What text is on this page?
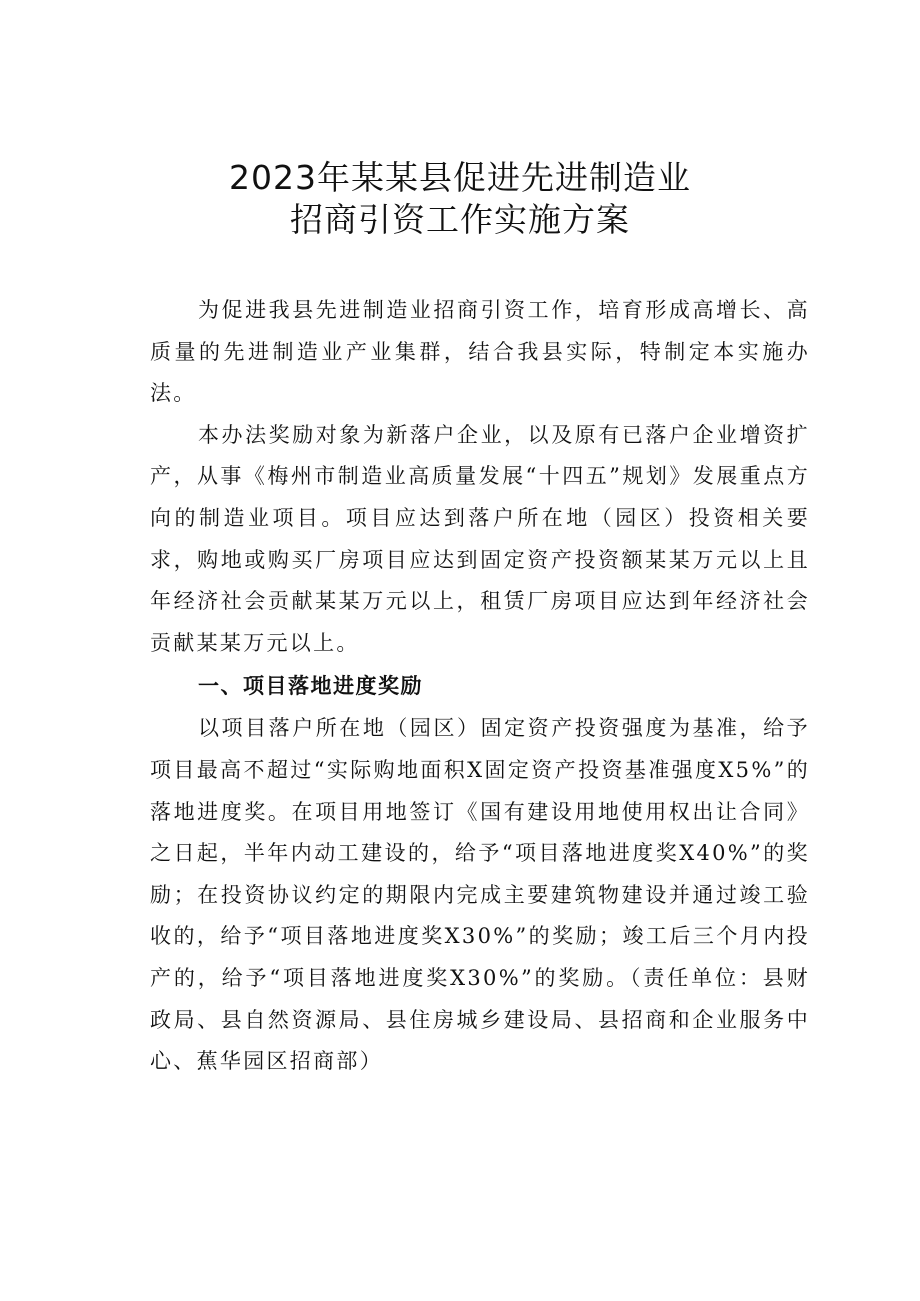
2023年某某县促进先进制造业
招商引资工作实施方案

为促进我县先进制造业招商引资工作，培育形成高增长、高质量的先进制造业产业集群，结合我县实际，特制定本实施办法。

本办法奖励对象为新落户企业，以及原有已落户企业增资扩产，从事《梅州市制造业高质量发展“十四五”规划》发展重点方向的制造业项目。项目应达到落户所在地（园区）投资相关要求，购地或购买厂房项目应达到固定资产投资额某某万元以上且年经济社会贡献某某万元以上，租赁厂房项目应达到年经济社会贡献某某万元以上。

一、项目落地进度奖励

以项目落户所在地（园区）固定资产投资强度为基准，给予项目最高不超过“实际购地面积X固定资产投资基准强度X5%”的落地进度奖。在项目用地签订《国有建设用地使用权出让合同》之日起，半年内动工建设的，给予“项目落地进度奖X40%”的奖励；在投资协议约定的期限内完成主要建筑物建设并通过竣工验收的，给予“项目落地进度奖X30%”的奖励；竣工后三个月内投产的，给予“项目落地进度奖X30%”的奖励。（责任单位：县财政局、县自然资源局、县住房城乡建设局、县招商和企业服务中心、蕉华园区招商部）
